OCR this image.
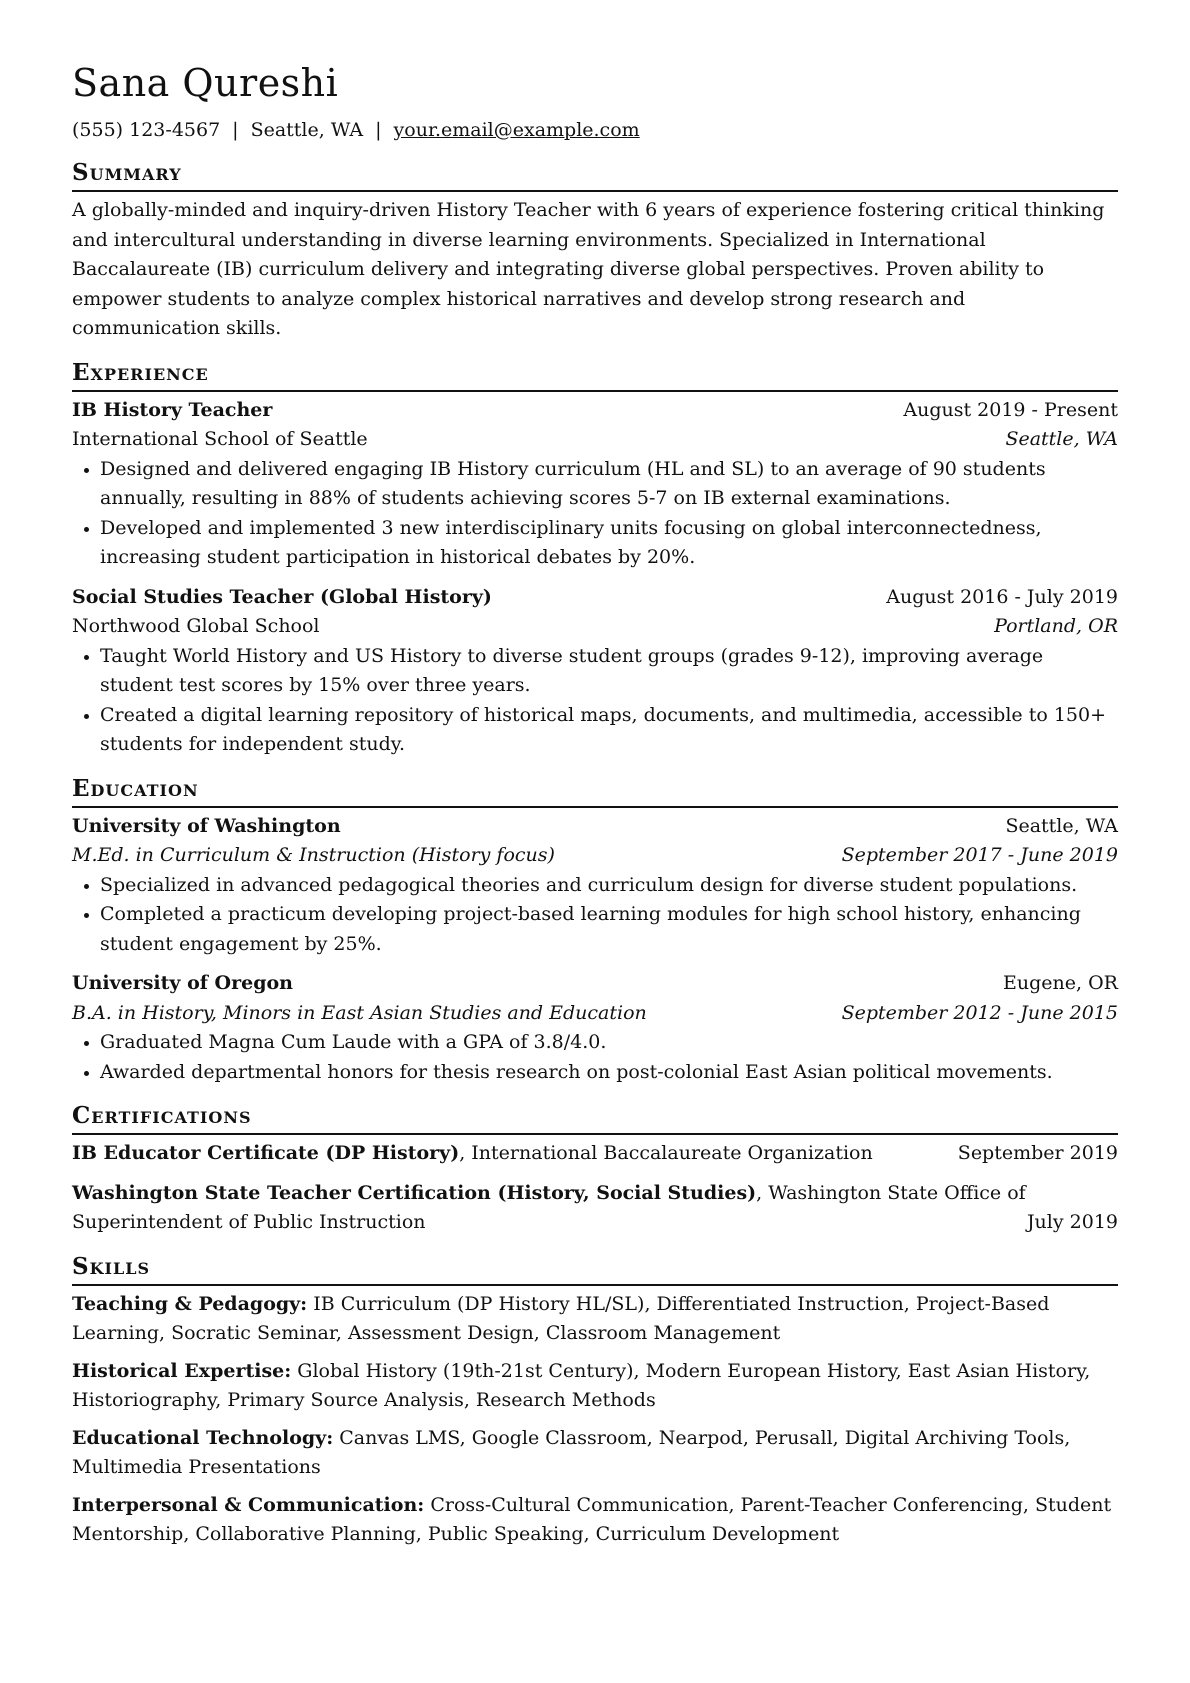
Sana Qureshi
(555) 123-4567 | Seattle, WA | your.email@example.com
Summary

A globally-minded and inquiry-driven History Teacher with 6 years of experience fostering critical thinking and intercultural understanding in diverse learning environments. Specialized in International Baccalaureate (IB) curriculum delivery and integrating diverse global perspectives. Proven ability to empower students to analyze complex historical narratives and develop strong research and communication skills.

Experience
IB History Teacher	August 2019 - Present
International School of Seattle	Seattle, WA
• Designed and delivered engaging IB History curriculum (HL and SL) to an average of 90 students annually, resulting in 88% of students achieving scores 5-7 on IB external examinations.
• Developed and implemented 3 new interdisciplinary units focusing on global interconnectedness, increasing student participation in historical debates by 20%.
Social Studies Teacher (Global History)	August 2016 - July 2019
Northwood Global School	Portland, OR
• Taught World History and US History to diverse student groups (grades 9-12), improving average student test scores by 15% over three years.
• Created a digital learning repository of historical maps, documents, and multimedia, accessible to 150+ students for independent study.
Education
University of Washington	Seattle, WA
M.Ed. in Curriculum & Instruction (History focus)	September 2017 - June 2019
• Specialized in advanced pedagogical theories and curriculum design for diverse student populations.
• Completed a practicum developing project-based learning modules for high school history, enhancing student engagement by 25%.
University of Oregon	Eugene, OR
B.A. in History, Minors in East Asian Studies and Education	September 2012 - June 2015
• Graduated Magna Cum Laude with a GPA of 3.8/4.0.
• Awarded departmental honors for thesis research on post-colonial East Asian political movements.
Certifications
IB Educator Certificate (DP History), International Baccalaureate Organization	September 2019
Washington State Teacher Certification (History, Social Studies), Washington State Office of Superintendent of Public Instruction	July 2019
Skills
Teaching & Pedagogy: IB Curriculum (DP History HL/SL), Differentiated Instruction, Project-Based Learning, Socratic Seminar, Assessment Design, Classroom Management
Historical Expertise: Global History (19th-21st Century), Modern European History, East Asian History, Historiography, Primary Source Analysis, Research Methods
Educational Technology: Canvas LMS, Google Classroom, Nearpod, Perusall, Digital Archiving Tools, Multimedia Presentations
Interpersonal & Communication: Cross-Cultural Communication, Parent-Teacher Conferencing, Student Mentorship, Collaborative Planning, Public Speaking, Curriculum Development
